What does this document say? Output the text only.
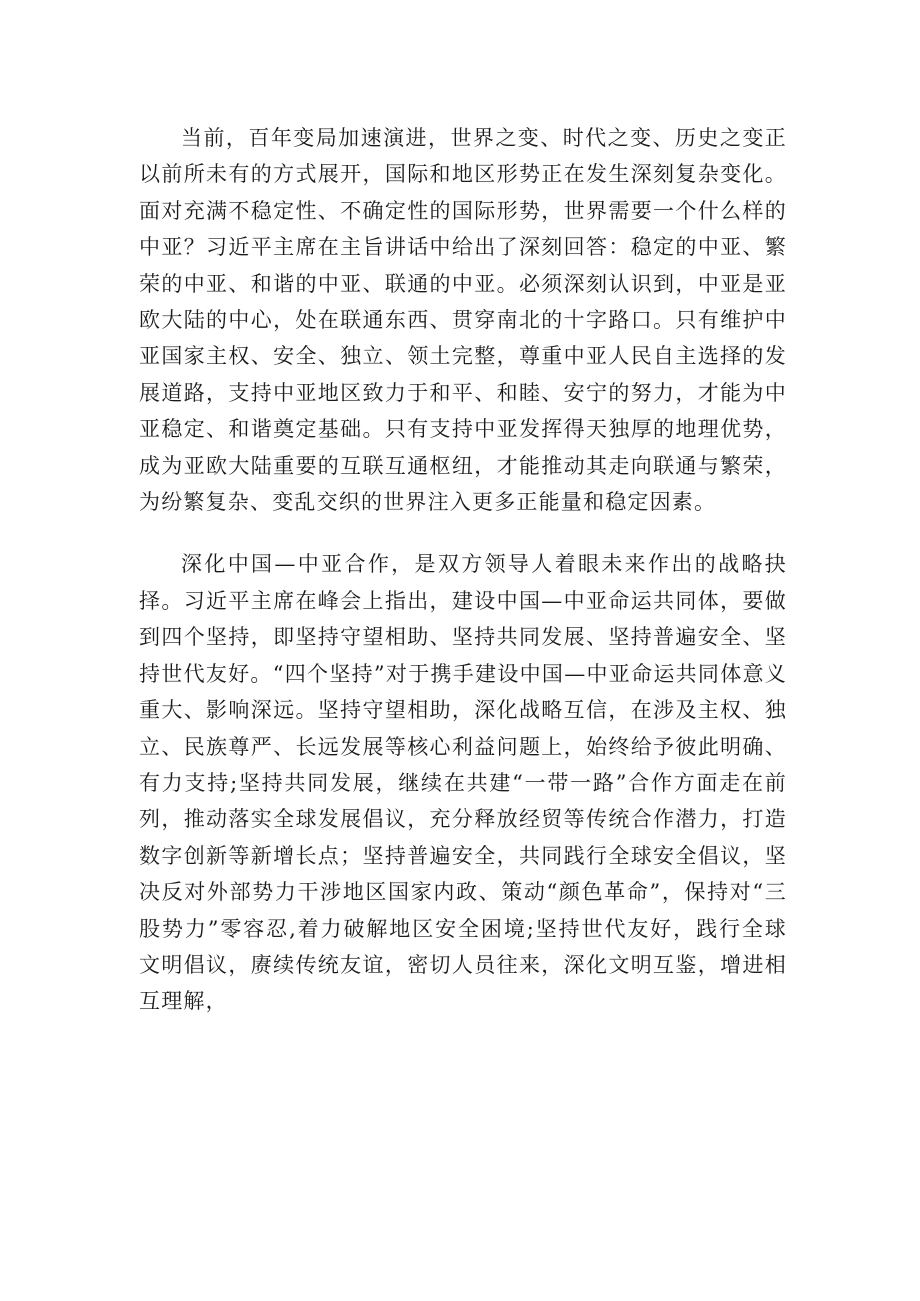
当前，百年变局加速演进，世界之变、时代之变、历史之变正以前所未有的方式展开，国际和地区形势正在发生深刻复杂变化。面对充满不稳定性、不确定性的国际形势，世界需要一个什么样的中亚？习近平主席在主旨讲话中给出了深刻回答：稳定的中亚、繁荣的中亚、和谐的中亚、联通的中亚。必须深刻认识到，中亚是亚欧大陆的中心，处在联通东西、贯穿南北的十字路口。只有维护中亚国家主权、安全、独立、领土完整，尊重中亚人民自主选择的发展道路，支持中亚地区致力于和平、和睦、安宁的努力，才能为中亚稳定、和谐奠定基础。只有支持中亚发挥得天独厚的地理优势，成为亚欧大陆重要的互联互通枢纽，才能推动其走向联通与繁荣，为纷繁复杂、变乱交织的世界注入更多正能量和稳定因素。

深化中国—中亚合作，是双方领导人着眼未来作出的战略抉择。习近平主席在峰会上指出，建设中国—中亚命运共同体，要做到四个坚持，即坚持守望相助、坚持共同发展、坚持普遍安全、坚持世代友好。“四个坚持”对于携手建设中国—中亚命运共同体意义重大、影响深远。坚持守望相助，深化战略互信，在涉及主权、独立、民族尊严、长远发展等核心利益问题上，始终给予彼此明确、有力支持;坚持共同发展，继续在共建“一带一路”合作方面走在前列，推动落实全球发展倡议，充分释放经贸等传统合作潜力，打造数字创新等新增长点；坚持普遍安全，共同践行全球安全倡议，坚决反对外部势力干涉地区国家内政、策动“颜色革命”，保持对“三股势力”零容忍,着力破解地区安全困境;坚持世代友好，践行全球文明倡议，赓续传统友谊，密切人员往来，深化文明互鉴，增进相互理解，
